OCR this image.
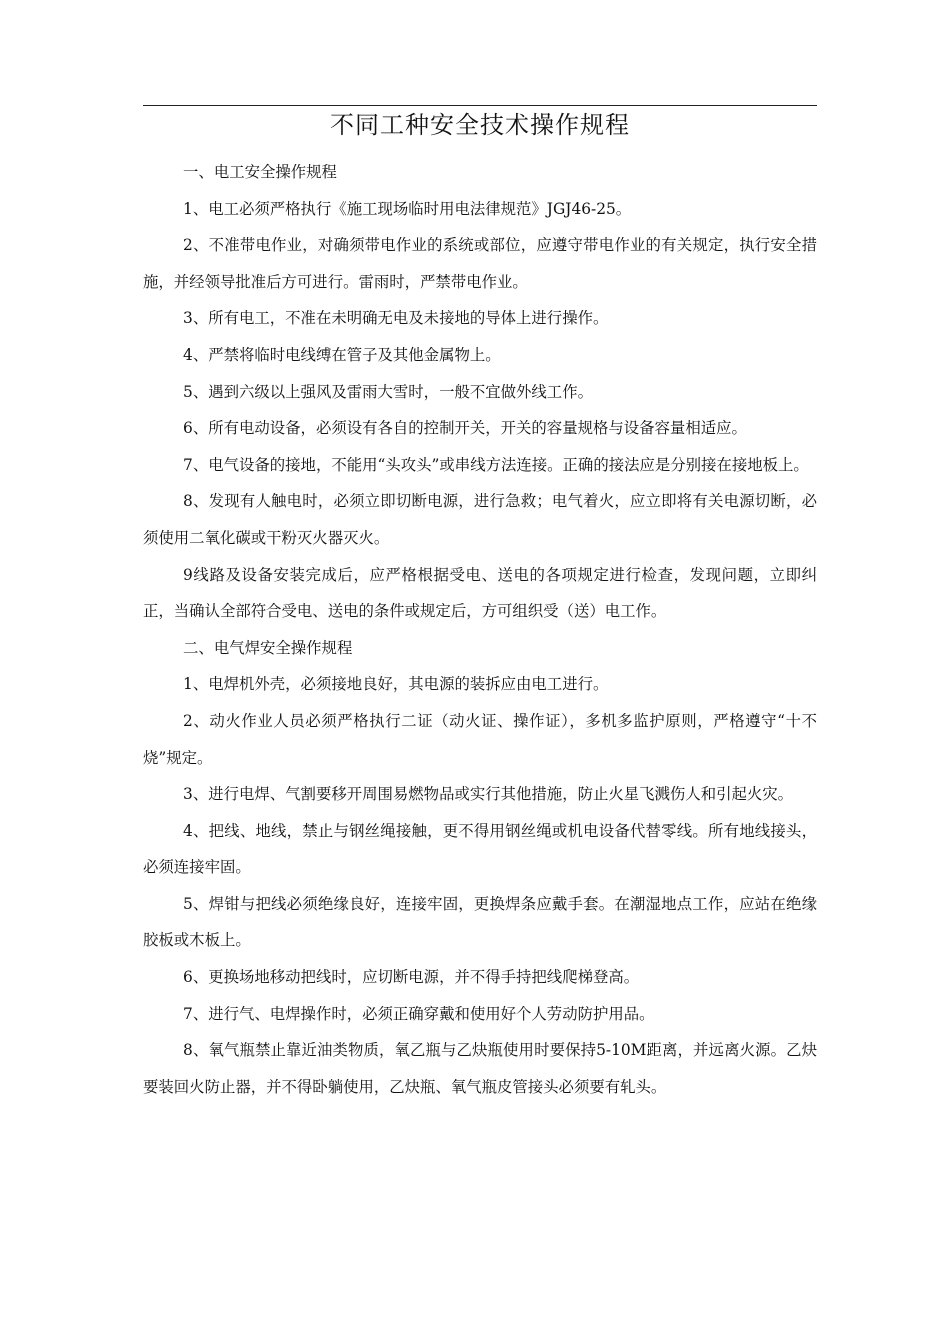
不同工种安全技术操作规程

一、电工安全操作规程

1、电工必须严格执行《施工现场临时用电法律规范》JGJ46-25。

2、不准带电作业，对确须带电作业的系统或部位，应遵守带电作业的有关规定，执行安全措施，并经领导批准后方可进行。雷雨时，严禁带电作业。

3、所有电工，不准在未明确无电及未接地的导体上进行操作。

4、严禁将临时电线缚在管子及其他金属物上。

5、遇到六级以上强风及雷雨大雪时，一般不宜做外线工作。

6、所有电动设备，必须设有各自的控制开关，开关的容量规格与设备容量相适应。

7、电气设备的接地，不能用“头攻头”或串线方法连接。正确的接法应是分别接在接地板上。

8、发现有人触电时，必须立即切断电源，进行急救；电气着火，应立即将有关电源切断，必须使用二氧化碳或干粉灭火器灭火。

9线路及设备安装完成后，应严格根据受电、送电的各项规定进行检查，发现问题，立即纠正，当确认全部符合受电、送电的条件或规定后，方可组织受（送）电工作。

二、电气焊安全操作规程

1、电焊机外壳，必须接地良好，其电源的装拆应由电工进行。

2、动火作业人员必须严格执行二证（动火证、操作证），多机多监护原则，严格遵守“十不烧”规定。

3、进行电焊、气割要移开周围易燃物品或实行其他措施，防止火星飞溅伤人和引起火灾。

4、把线、地线，禁止与钢丝绳接触，更不得用钢丝绳或机电设备代替零线。所有地线接头，必须连接牢固。

5、焊钳与把线必须绝缘良好，连接牢固，更换焊条应戴手套。在潮湿地点工作，应站在绝缘胶板或木板上。

6、更换场地移动把线时，应切断电源，并不得手持把线爬梯登高。

7、进行气、电焊操作时，必须正确穿戴和使用好个人劳动防护用品。

8、氧气瓶禁止靠近油类物质，氧乙瓶与乙炔瓶使用时要保持5-10M距离，并远离火源。乙炔要装回火防止器，并不得卧躺使用，乙炔瓶、氧气瓶皮管接头必须要有轧头。
